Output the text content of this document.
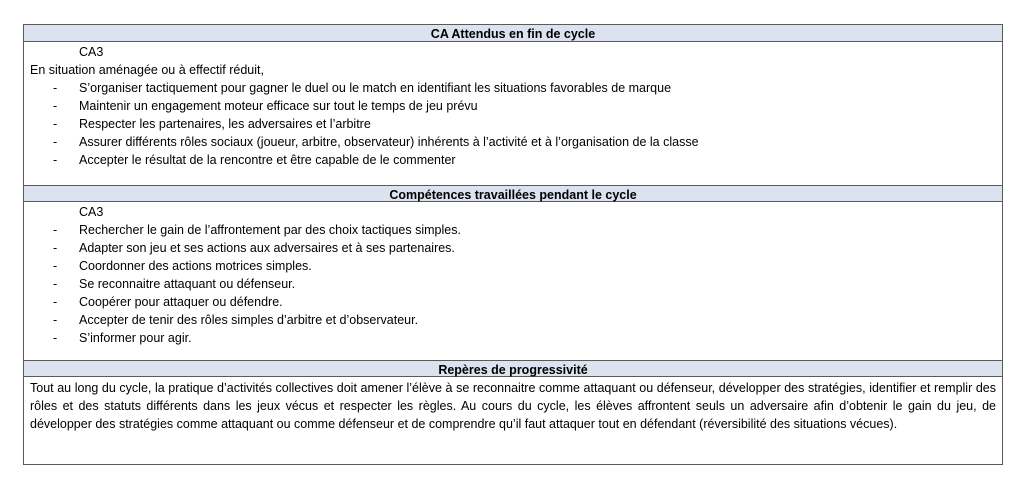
CA Attendus en fin de cycle
CA3
En situation aménagée ou à effectif réduit,
- S’organiser tactiquement pour gagner le duel ou le match en identifiant les situations favorables de marque
- Maintenir un engagement moteur efficace sur tout le temps de jeu prévu
- Respecter les partenaires, les adversaires et l’arbitre
- Assurer différents rôles sociaux (joueur, arbitre, observateur) inhérents à l’activité et à l’organisation de la classe
- Accepter le résultat de la rencontre et être capable de le commenter
Compétences travaillées pendant le cycle
CA3
- Rechercher le gain de l’affrontement par des choix tactiques simples.
- Adapter son jeu et ses actions aux adversaires et à ses partenaires.
- Coordonner des actions motrices simples.
- Se reconnaitre attaquant ou défenseur.
- Coopérer pour attaquer ou défendre.
- Accepter de tenir des rôles simples d’arbitre et d’observateur.
- S’informer pour agir.
Repères de progressivité

Tout au long du cycle, la pratique d’activités collectives doit amener l’élève à se reconnaitre comme attaquant ou défenseur, développer des stratégies, identifier et remplir des rôles et des statuts différents dans les jeux vécus et respecter les règles. Au cours du cycle, les élèves affrontent seuls un adversaire afin d’obtenir le gain du jeu, de développer des stratégies comme attaquant ou comme défenseur et de comprendre qu’il faut attaquer tout en défendant (réversibilité des situations vécues).
